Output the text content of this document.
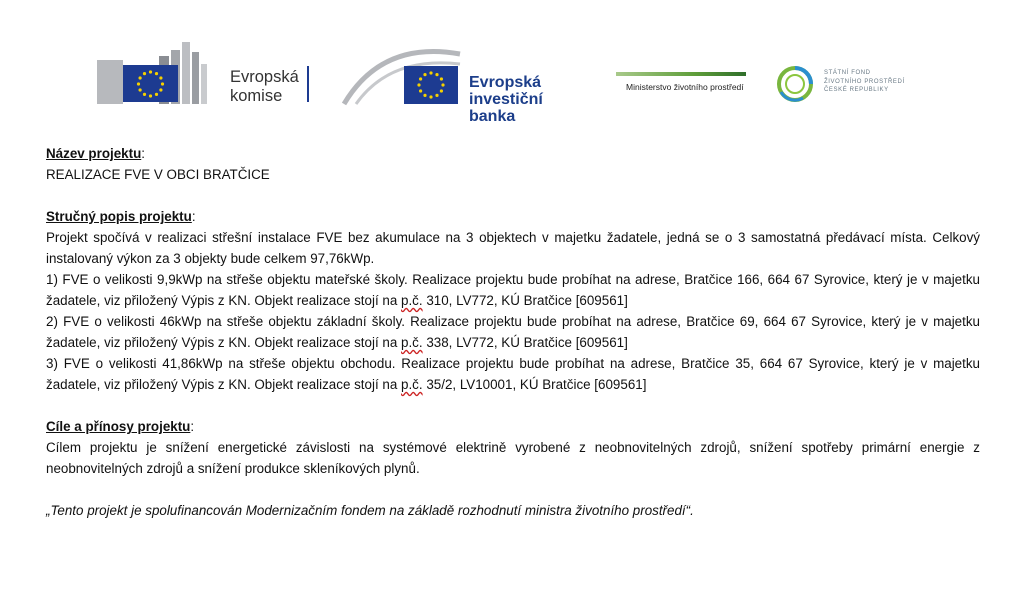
Evropská
komise
Evropská
investiční banka
Ministerstvo životního prostředí
STÁTNÍ FOND
ŽIVOTNÍHO PROSTŘEDÍ
ČESKÉ REPUBLIKY

Název projektu:

REALIZACE FVE V OBCI BRATČICE

Stručný popis projektu:

Projekt spočívá v realizaci střešní instalace FVE bez akumulace na 3 objektech v majetku žadatele, jedná se o 3 samostatná předávací místa. Celkový instalovaný výkon za 3 objekty bude celkem 97,76kWp.

1) FVE o velikosti 9,9kWp na střeše objektu mateřské školy. Realizace projektu bude probíhat na adrese, Bratčice 166, 664 67 Syrovice, který je v majetku žadatele, viz přiložený Výpis z KN. Objekt realizace stojí na p.č. 310, LV772, KÚ Bratčice [609561]

2) FVE o velikosti 46kWp na střeše objektu základní školy. Realizace projektu bude probíhat na adrese, Bratčice 69, 664 67 Syrovice, který je v majetku žadatele, viz přiložený Výpis z KN. Objekt realizace stojí na p.č. 338, LV772, KÚ Bratčice [609561]

3) FVE o velikosti 41,86kWp na střeše objektu obchodu. Realizace projektu bude probíhat na adrese, Bratčice 35, 664 67 Syrovice, který je v majetku žadatele, viz přiložený Výpis z KN. Objekt realizace stojí na p.č. 35/2, LV10001, KÚ Bratčice [609561]

Cíle a přínosy projektu:

Cílem projektu je snížení energetické závislosti na systémové elektrině vyrobené z neobnovitelných zdrojů, snížení spotřeby primární energie z neobnovitelných zdrojů a snížení produkce skleníkových plynů.

„Tento projekt je spolufinancován Modernizačním fondem na základě rozhodnutí ministra životního prostředí“.
